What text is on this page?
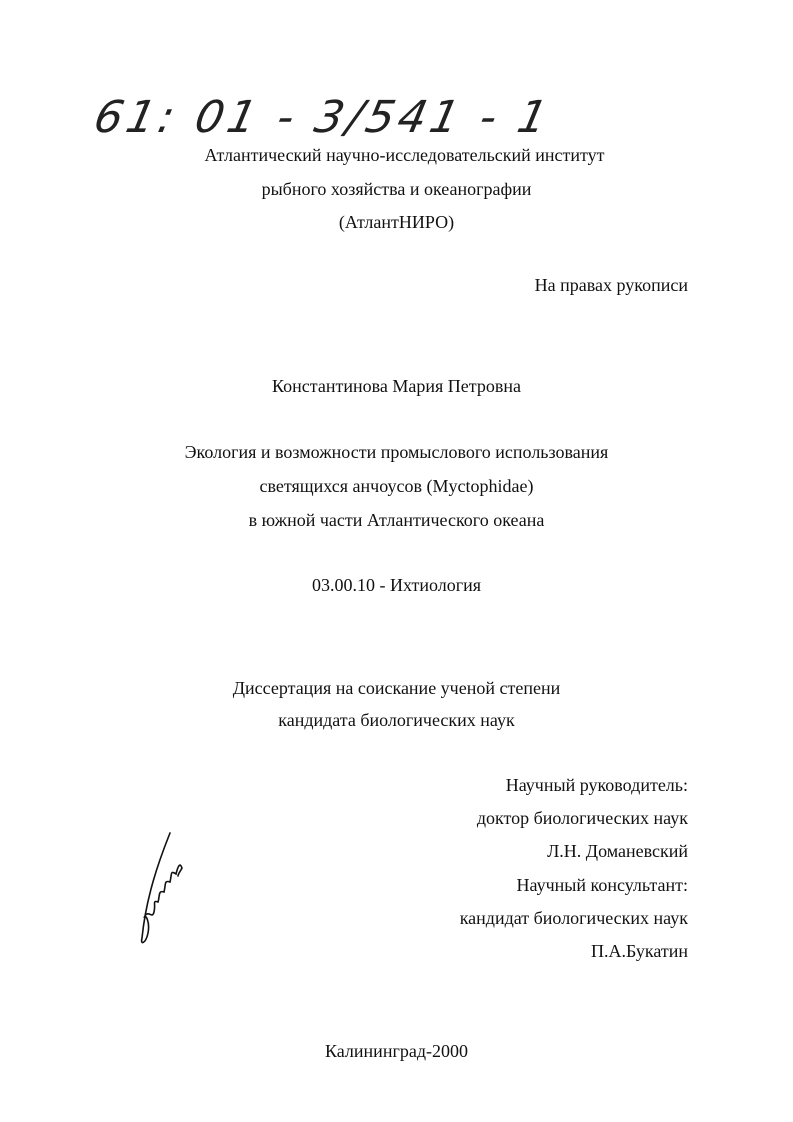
61: 01 - 3/541 - 1
Атлантический научно-исследовательский институт
рыбного хозяйства и океанографии
(АтлантНИРО)
На правах рукописи
Константинова Мария Петровна
Экология и возможности промыслового использования
светящихся анчоусов (Myctophidae)
в южной части Атлантического океана
03.00.10 - Ихтиология
Диссертация на соискание ученой степени
кандидата биологических наук
Научный руководитель:
доктор биологических наук
Л.Н. Доманевский
Научный консультант:
кандидат биологических наук
П.А.Букатин
Калининград-2000
